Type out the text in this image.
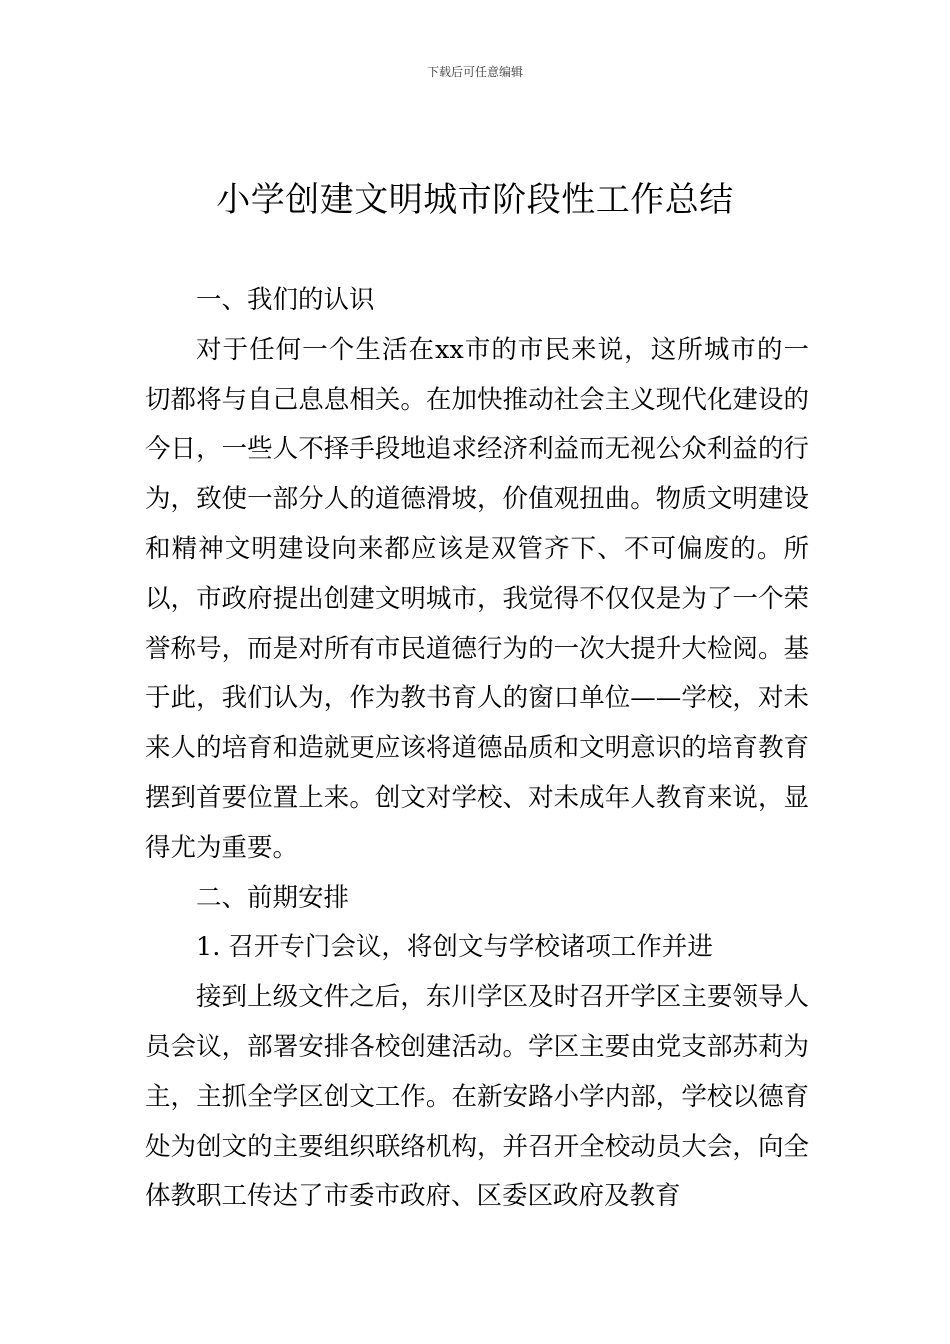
下载后可任意编辑
小学创建文明城市阶段性工作总结

一、我们的认识

对于任何一个生活在xx市的市民来说，这所城市的一切都将与自己息息相关。在加快推动社会主义现代化建设的今日，一些人不择手段地追求经济利益而无视公众利益的行为，致使一部分人的道德滑坡，价值观扭曲。物质文明建设和精神文明建设向来都应该是双管齐下、不可偏废的。所以，市政府提出创建文明城市，我觉得不仅仅是为了一个荣誉称号，而是对所有市民道德行为的一次大提升大检阅。基于此，我们认为，作为教书育人的窗口单位——学校，对未来人的培育和造就更应该将道德品质和文明意识的培育教育摆到首要位置上来。创文对学校、对未成年人教育来说，显得尤为重要。

二、前期安排

1. 召开专门会议，将创文与学校诸项工作并进

接到上级文件之后，东川学区及时召开学区主要领导人员会议，部署安排各校创建活动。学区主要由党支部苏莉为主，主抓全学区创文工作。在新安路小学内部，学校以德育处为创文的主要组织联络机构，并召开全校动员大会，向全体教职工传达了市委市政府、区委区政府及教育
